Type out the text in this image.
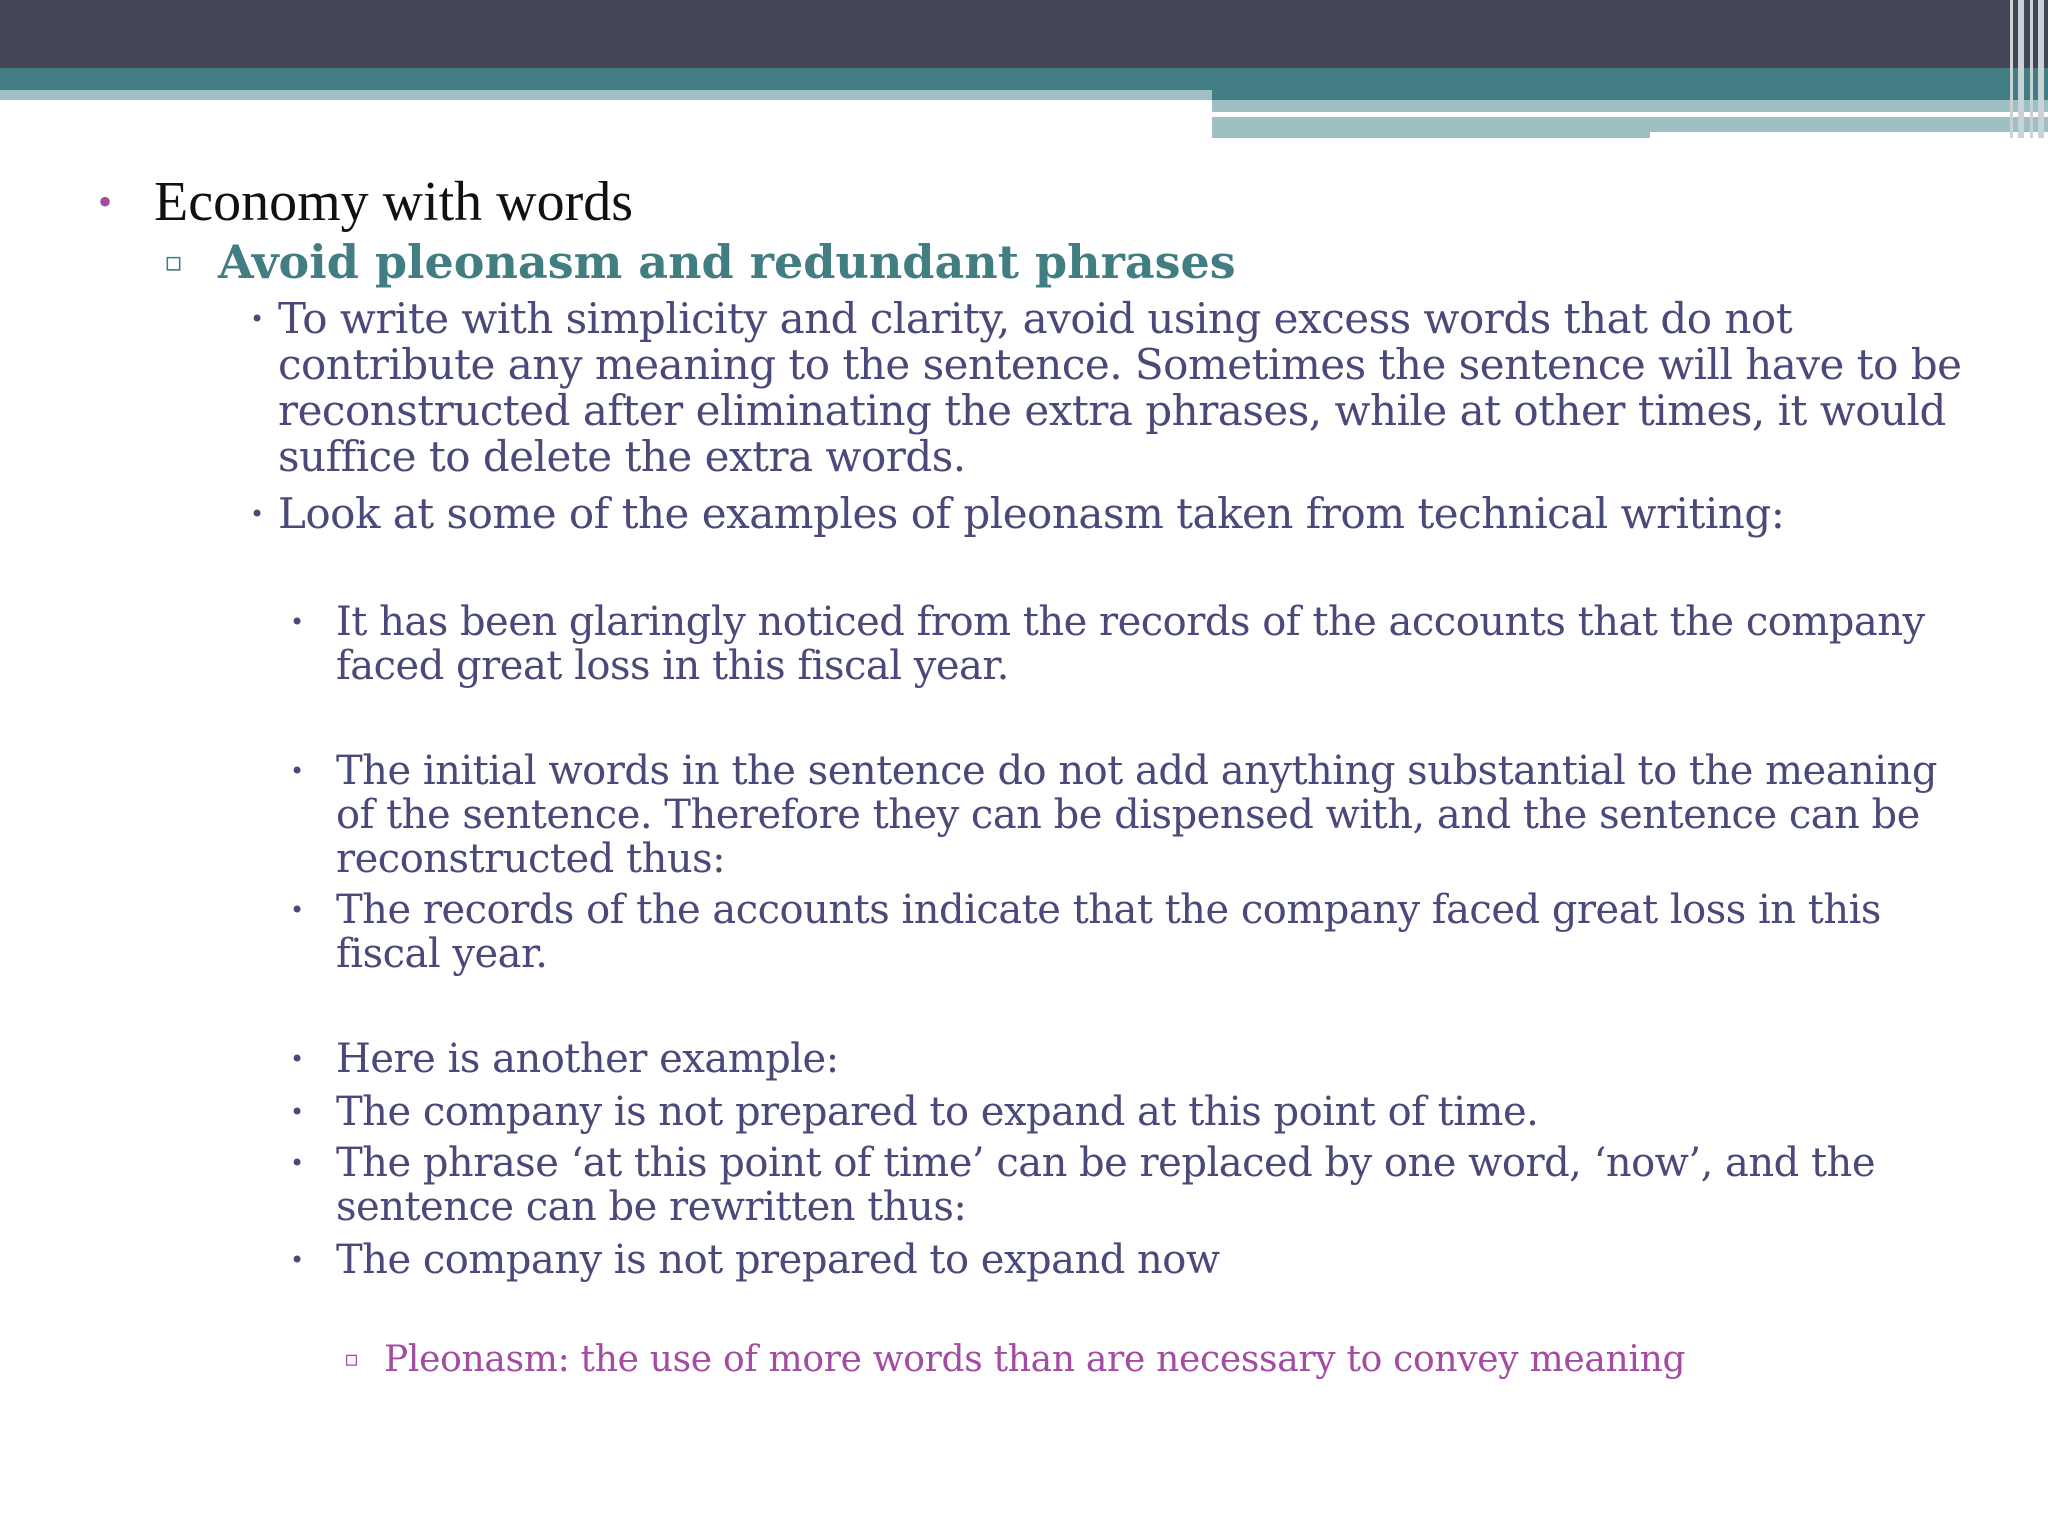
• Economy with words
▫ Avoid pleonasm and redundant phrases
• To write with simplicity and clarity, avoid using excess words that do not contribute any meaning to the sentence. Sometimes the sentence will have to be reconstructed after eliminating the extra phrases, while at other times, it would suffice to delete the extra words.
• Look at some of the examples of pleonasm taken from technical writing:
• It has been glaringly noticed from the records of the accounts that the company faced great loss in this fiscal year.
• The initial words in the sentence do not add anything substantial to the meaning of the sentence. Therefore they can be dispensed with, and the sentence can be reconstructed thus:
• The records of the accounts indicate that the company faced great loss in this fiscal year.
• Here is another example:
• The company is not prepared to expand at this point of time.
• The phrase ‘at this point of time’ can be replaced by one word, ‘now’, and the sentence can be rewritten thus:
• The company is not prepared to expand now
▫ Pleonasm: the use of more words than are necessary to convey meaning
